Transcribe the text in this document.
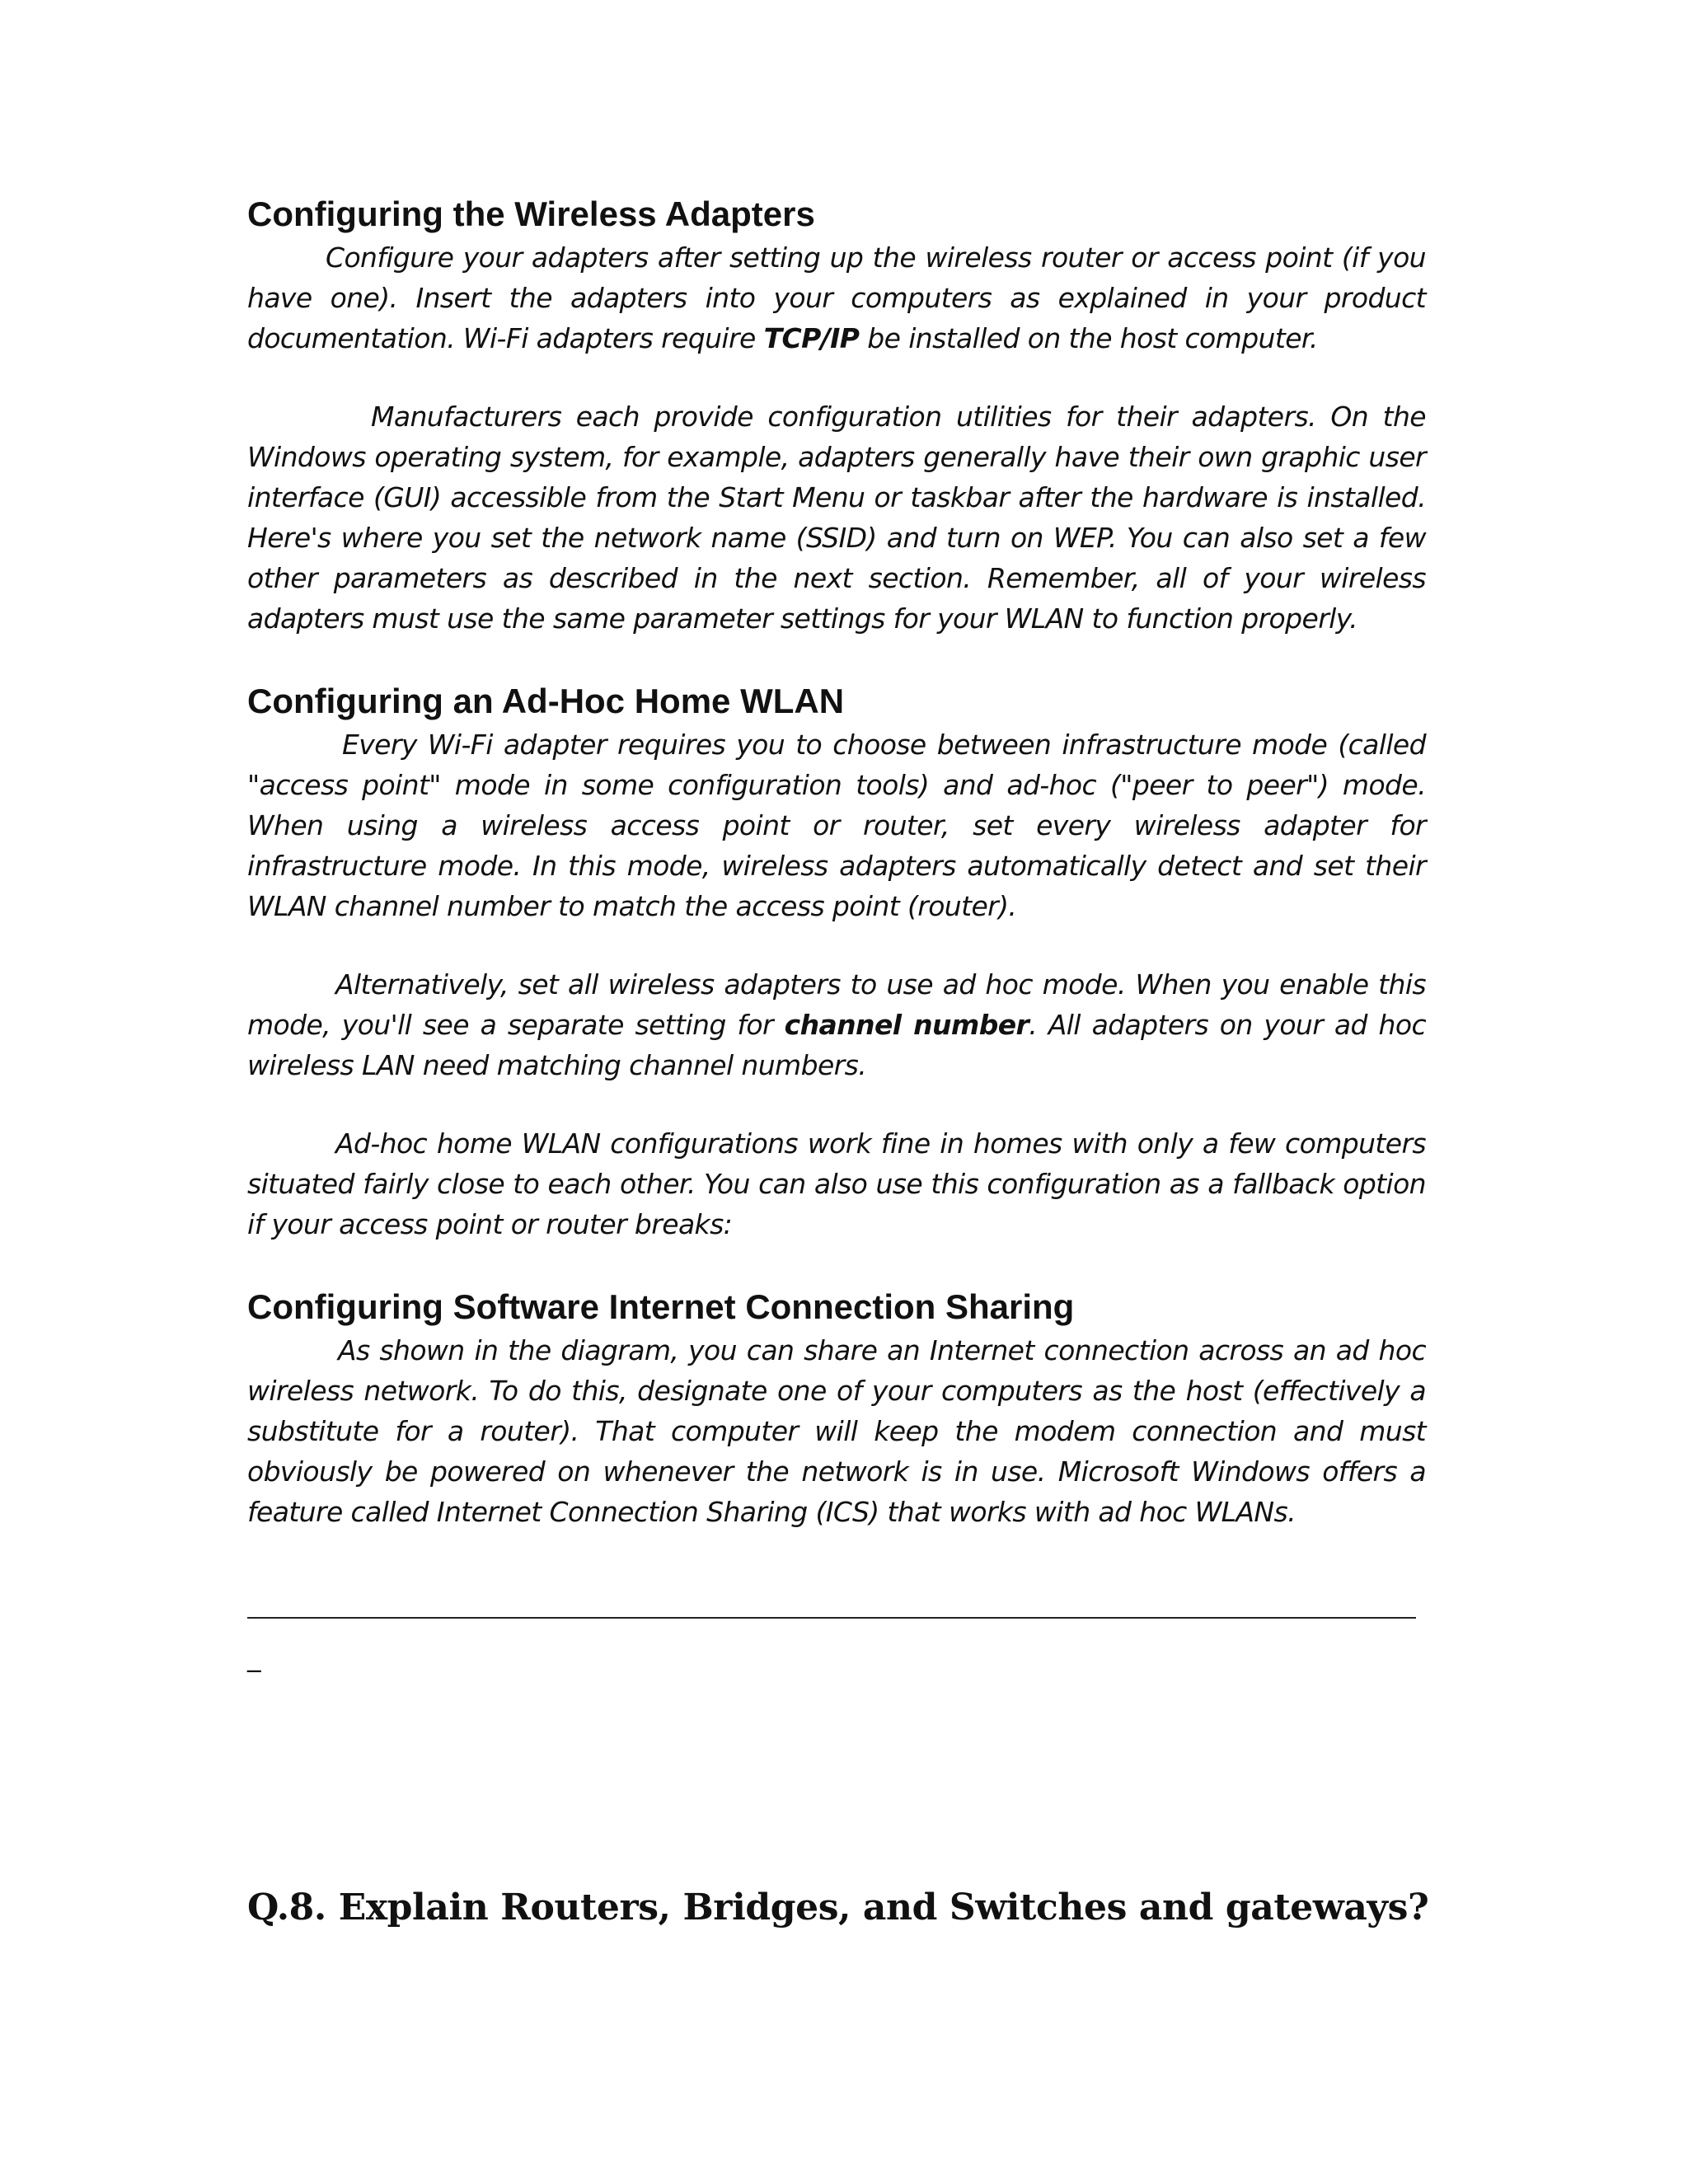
Configuring the Wireless Adapters

Configure your adapters after setting up the wireless router or access point (if you have one). Insert the adapters into your computers as explained in your product documentation. Wi-Fi adapters require TCP/IP be installed on the host computer.

Manufacturers each provide configuration utilities for their adapters. On the Windows operating system, for example, adapters generally have their own graphic user interface (GUI) accessible from the Start Menu or taskbar after the hardware is installed. Here's where you set the network name (SSID) and turn on WEP. You can also set a few other parameters as described in the next section. Remember, all of your wireless adapters must use the same parameter settings for your WLAN to function properly.

Configuring an Ad-Hoc Home WLAN

Every Wi-Fi adapter requires you to choose between infrastructure mode (called "access point" mode in some configuration tools) and ad-hoc ("peer to peer") mode. When using a wireless access point or router, set every wireless adapter for infrastructure mode. In this mode, wireless adapters automatically detect and set their WLAN channel number to match the access point (router).

Alternatively, set all wireless adapters to use ad hoc mode. When you enable this mode, you'll see a separate setting for channel number. All adapters on your ad hoc wireless LAN need matching channel numbers.

Ad-hoc home WLAN configurations work fine in homes with only a few computers situated fairly close to each other. You can also use this configuration as a fallback option if your access point or router breaks:

Configuring Software Internet Connection Sharing

As shown in the diagram, you can share an Internet connection across an ad hoc wireless network. To do this, designate one of your computers as the host (effectively a substitute for a router). That computer will keep the modem connection and must obviously be powered on whenever the network is in use. Microsoft Windows offers a feature called Internet Connection Sharing (ICS) that works with ad hoc WLANs.

_
Q.8. Explain Routers, Bridges, and Switches and gateways?
